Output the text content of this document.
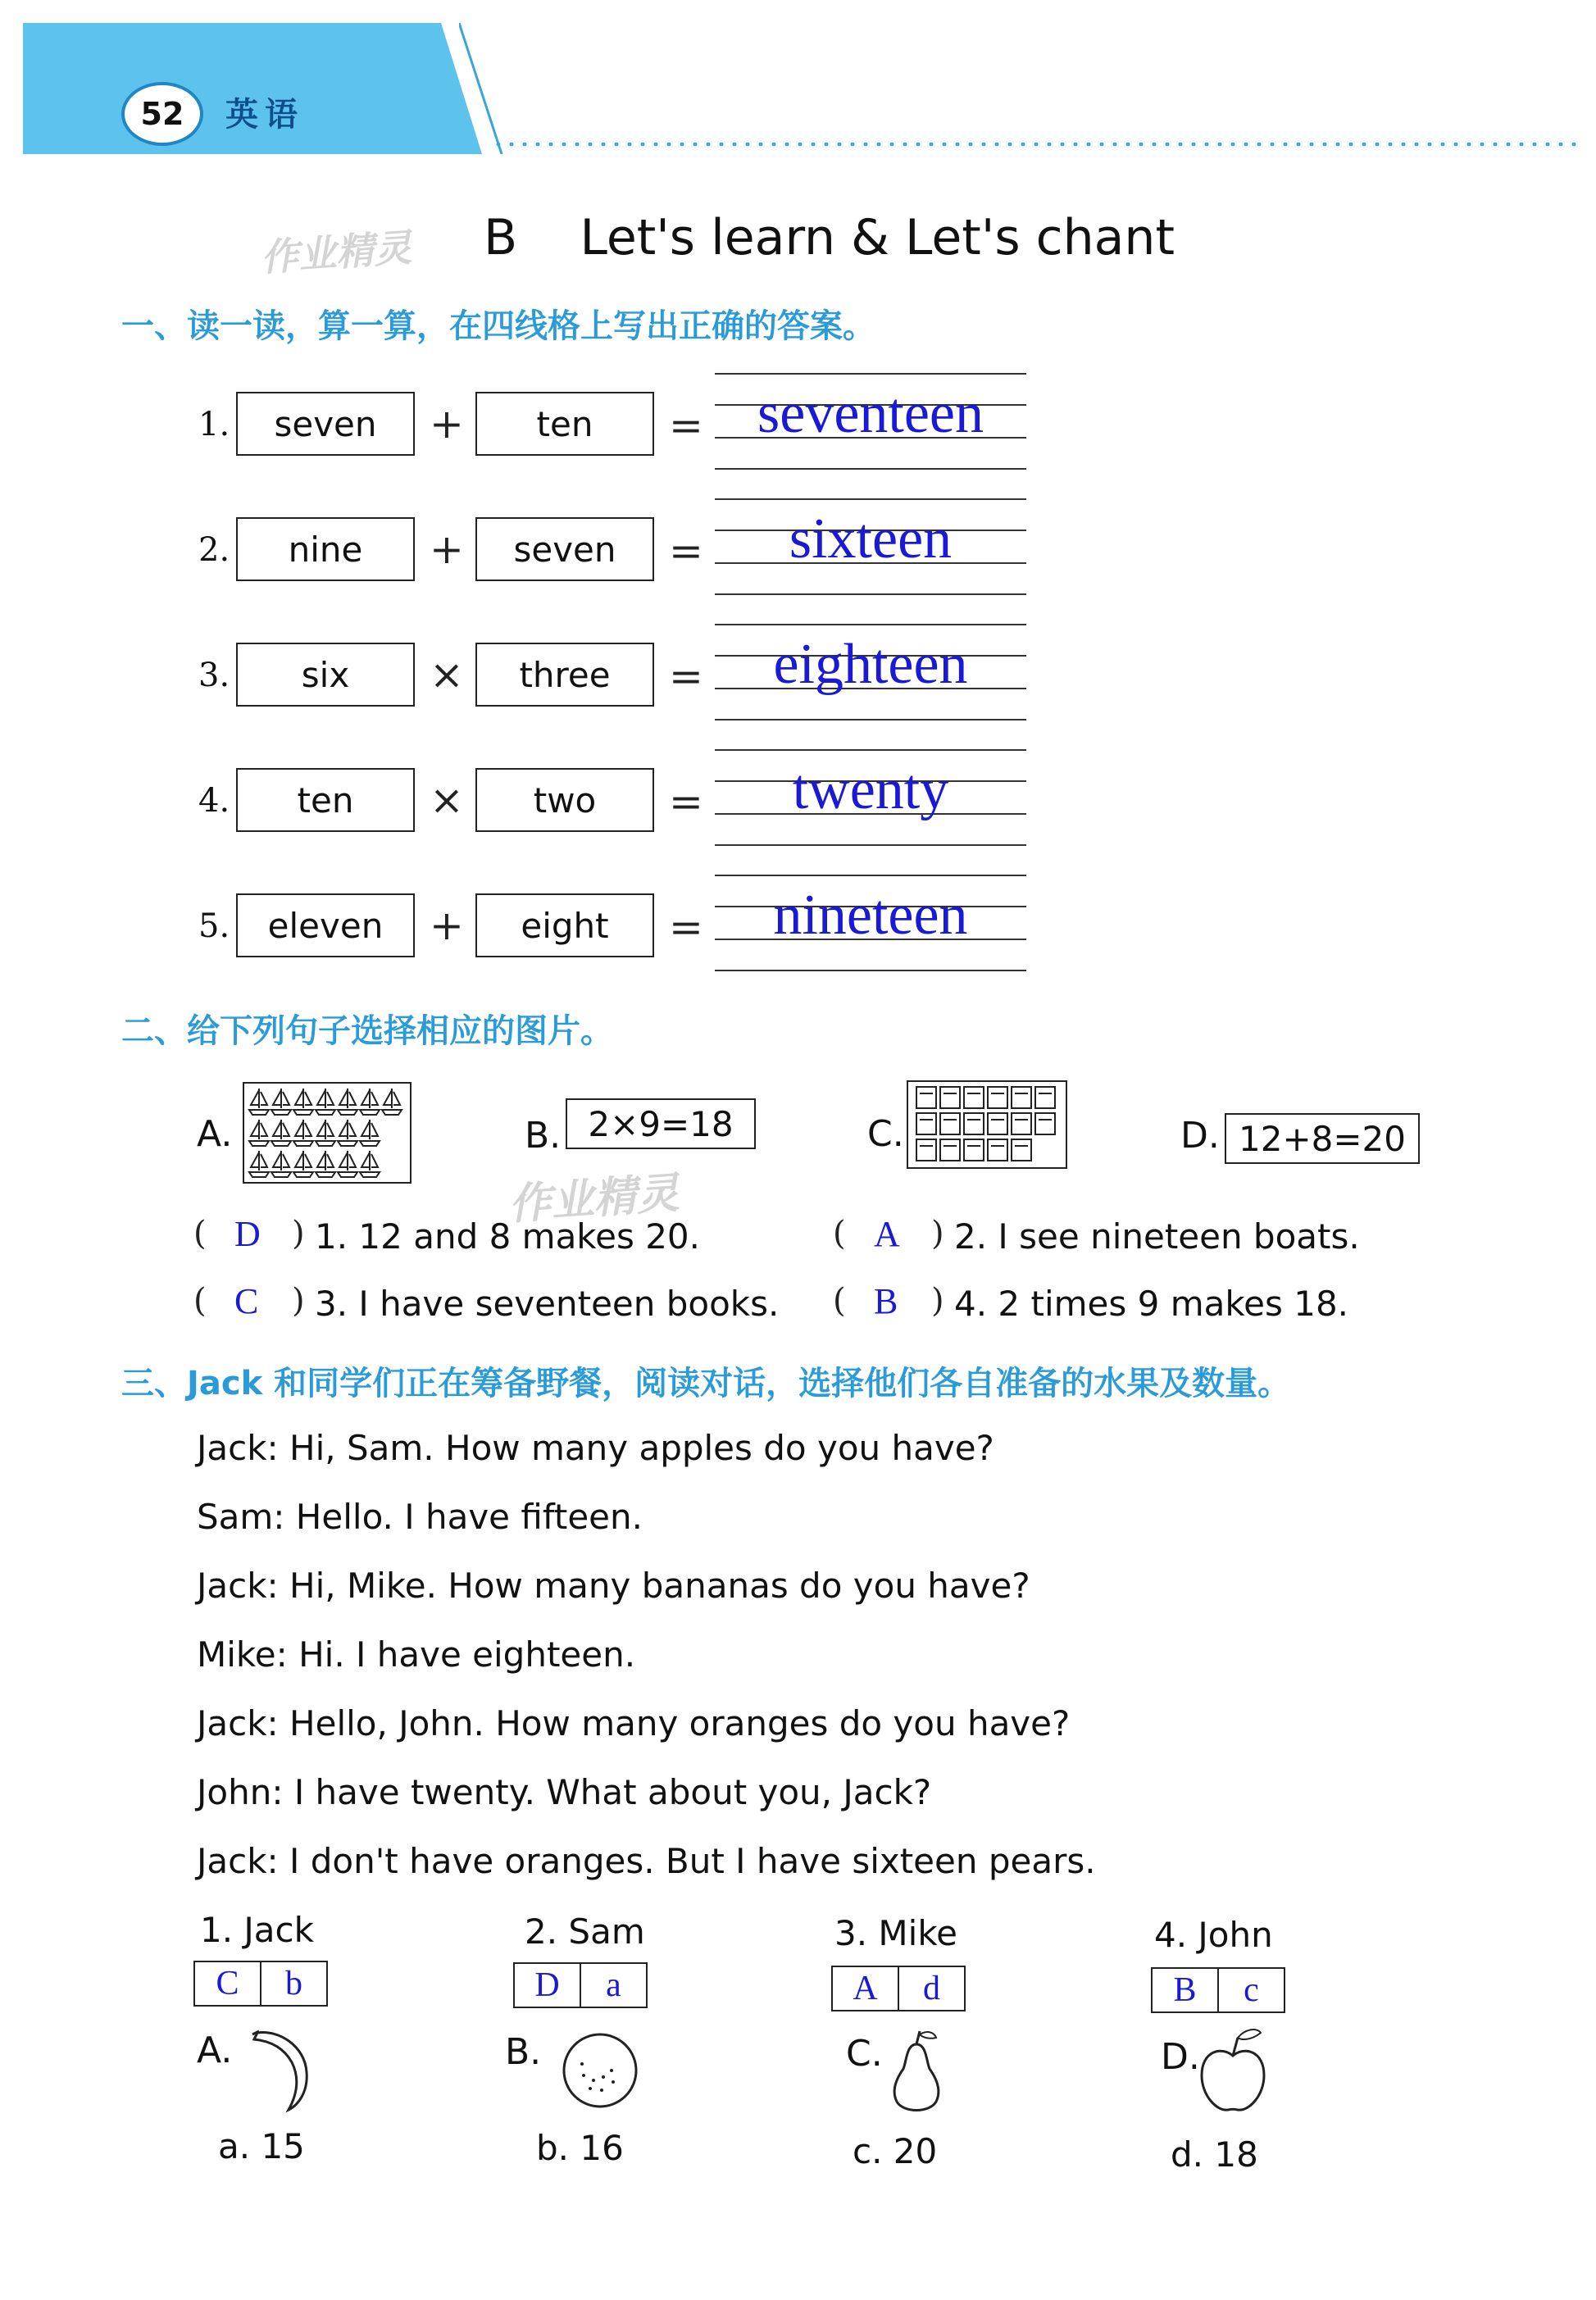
52	英语
作业精灵 B    Let's learn & Let's chant
一、读一读，算一算，在四线格上写出正确的答案。
1.	seven	+	ten	= seventeen
2.	nine	+	seven	=	sixteen
3.	six	×	three	=	eighteen
4.	ten	×	two	=	twenty
5.	eleven	+	eight	=	nineteen
二、给下列句子选择相应的图片。
A.	B. 2×9=18	C.	D. 12+8=20
作业精灵
( D ) 1. 12 and 8 makes 20.	( A ) 2. I see nineteen boats.
( C ) 3. I have seventeen books. ( B ) 4. 2 times 9 makes 18.
三、Jack 和同学们正在筹备野餐，阅读对话，选择他们各自准备的水果及数量。
Jack: Hi, Sam. How many apples do you have?
Sam: Hello. I have fifteen.
Jack: Hi, Mike. How many bananas do you have?
Mike: Hi. I have eighteen.
Jack: Hello, John. How many oranges do you have?
John: I have twenty. What about you, Jack?
Jack: I don't have oranges. But I have sixteen pears.
1. Jack
C	b
2. Sam
D	a
3. Mike
A	d
4. John
B	c
A.	B.	C.	D.
a. 15	b. 16	c. 20	d. 18
